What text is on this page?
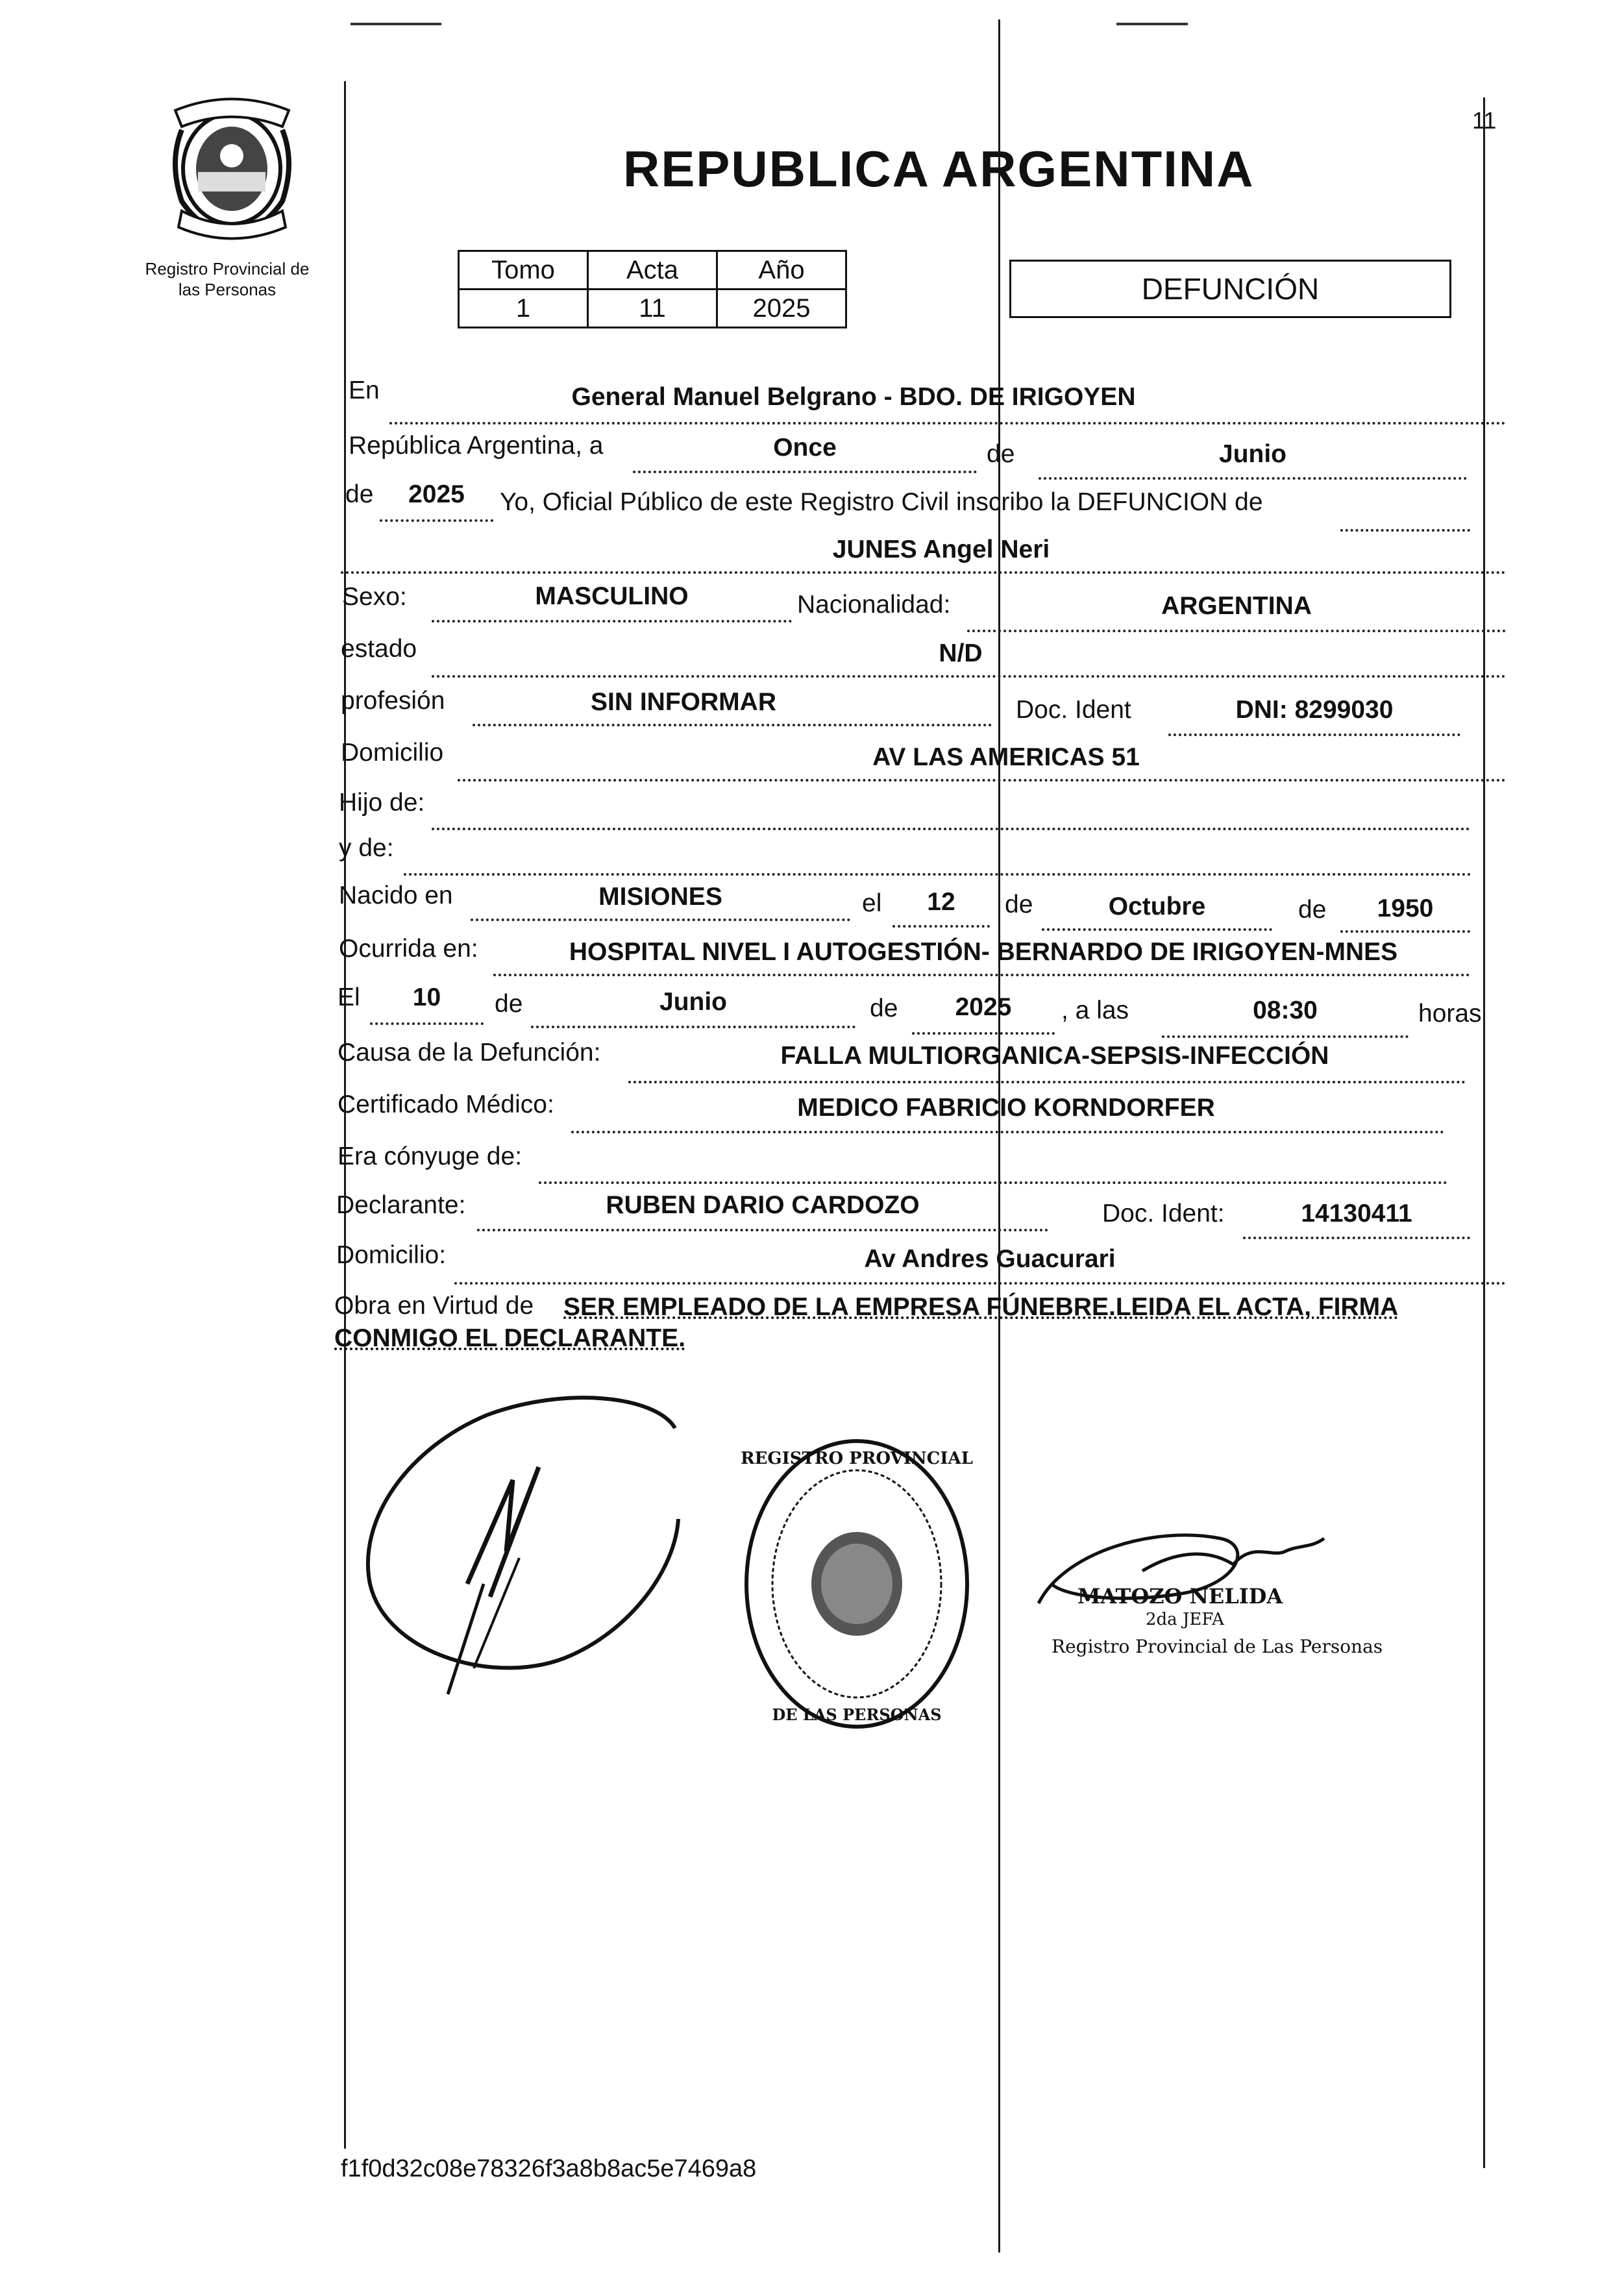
Registro Provincial de
las Personas
11
REPUBLICA ARGENTINA
Tomo	Acta	Año
1	11	2025
DEFUNCIÓN
En	General Manuel Belgrano - BDO. DE IRIGOYEN
República Argentina, a	Once	de	Junio
de	2025	Yo, Oficial Público de este Registro Civil inscribo la DEFUNCION de
JUNES Angel Neri
Sexo:	MASCULINO	Nacionalidad:	ARGENTINA
estado	N/D
profesión	SIN INFORMAR	Doc. Ident	DNI: 8299030
Domicilio	AV LAS AMERICAS 51
Hijo de:
y de:
Nacido en	MISIONES	el	12	de	Octubre	de	1950
Ocurrida en:	HOSPITAL NIVEL I AUTOGESTIÓN- BERNARDO DE IRIGOYEN-MNES
El	10	de	Junio	de	2025	, a las	08:30	horas
Causa de la Defunción:	FALLA MULTIORGANICA-SEPSIS-INFECCIÓN
Certificado Médico:	MEDICO FABRICIO KORNDORFER
Era cónyuge de:
Declarante:	RUBEN DARIO CARDOZO	Doc. Ident:	14130411
Domicilio:	Av Andres Guacurari
Obra en Virtud de SER EMPLEADO DE LA EMPRESA FÚNEBRE.LEIDA EL ACTA, FIRMA
CONMIGO EL DECLARANTE.
REGISTRO PROVINCIAL
DE LAS PERSONAS
MATOZO NELIDA
2da JEFA
Registro Provincial de Las Personas
f1f0d32c08e78326f3a8b8ac5e7469a8
